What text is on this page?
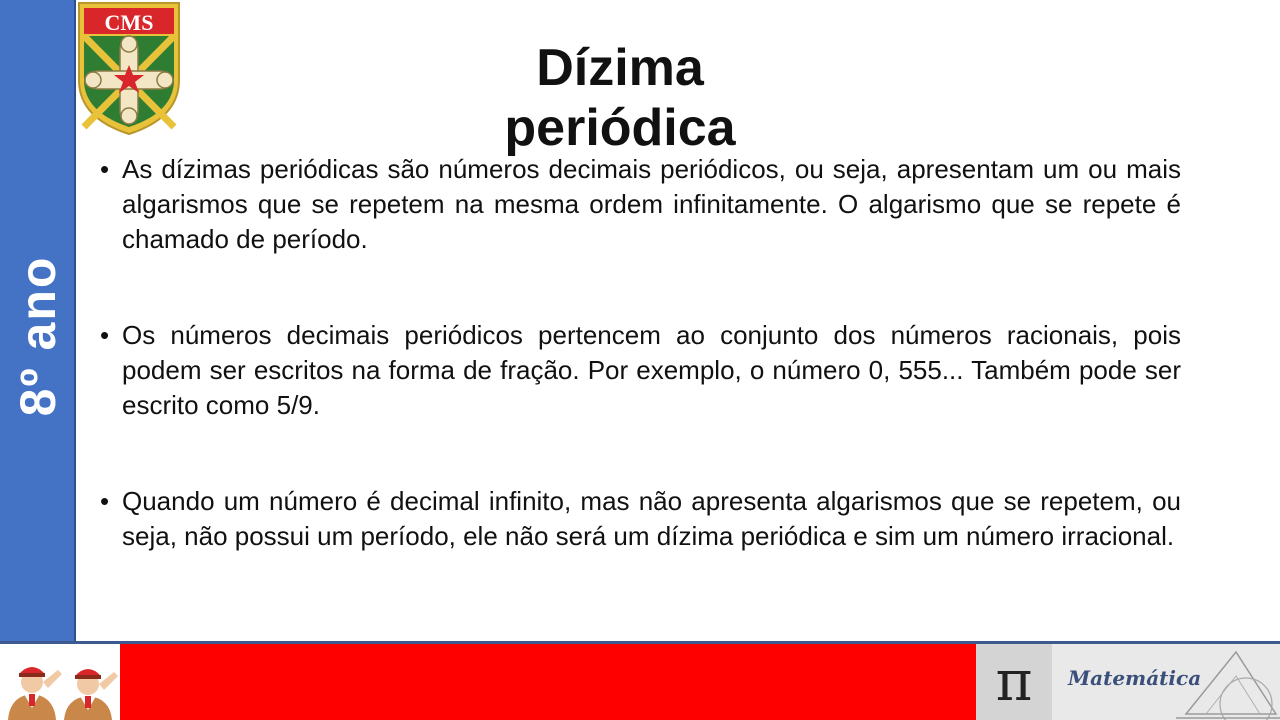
8º ano
CMS
Dízima periódica

• As dízimas periódicas são números decimais periódicos, ou seja, apresentam um ou mais algarismos que se repetem na mesma ordem infinitamente. O algarismo que se repete é chamado de período.

• Os números decimais periódicos pertencem ao conjunto dos números racionais, pois podem ser escritos na forma de fração. Por exemplo, o número 0, 555... Também pode ser escrito como 5/9.

• Quando um número é decimal infinito, mas não apresenta algarismos que se repetem, ou seja, não possui um período, ele não será um dízima periódica e sim um número irracional.

π	Matemática
